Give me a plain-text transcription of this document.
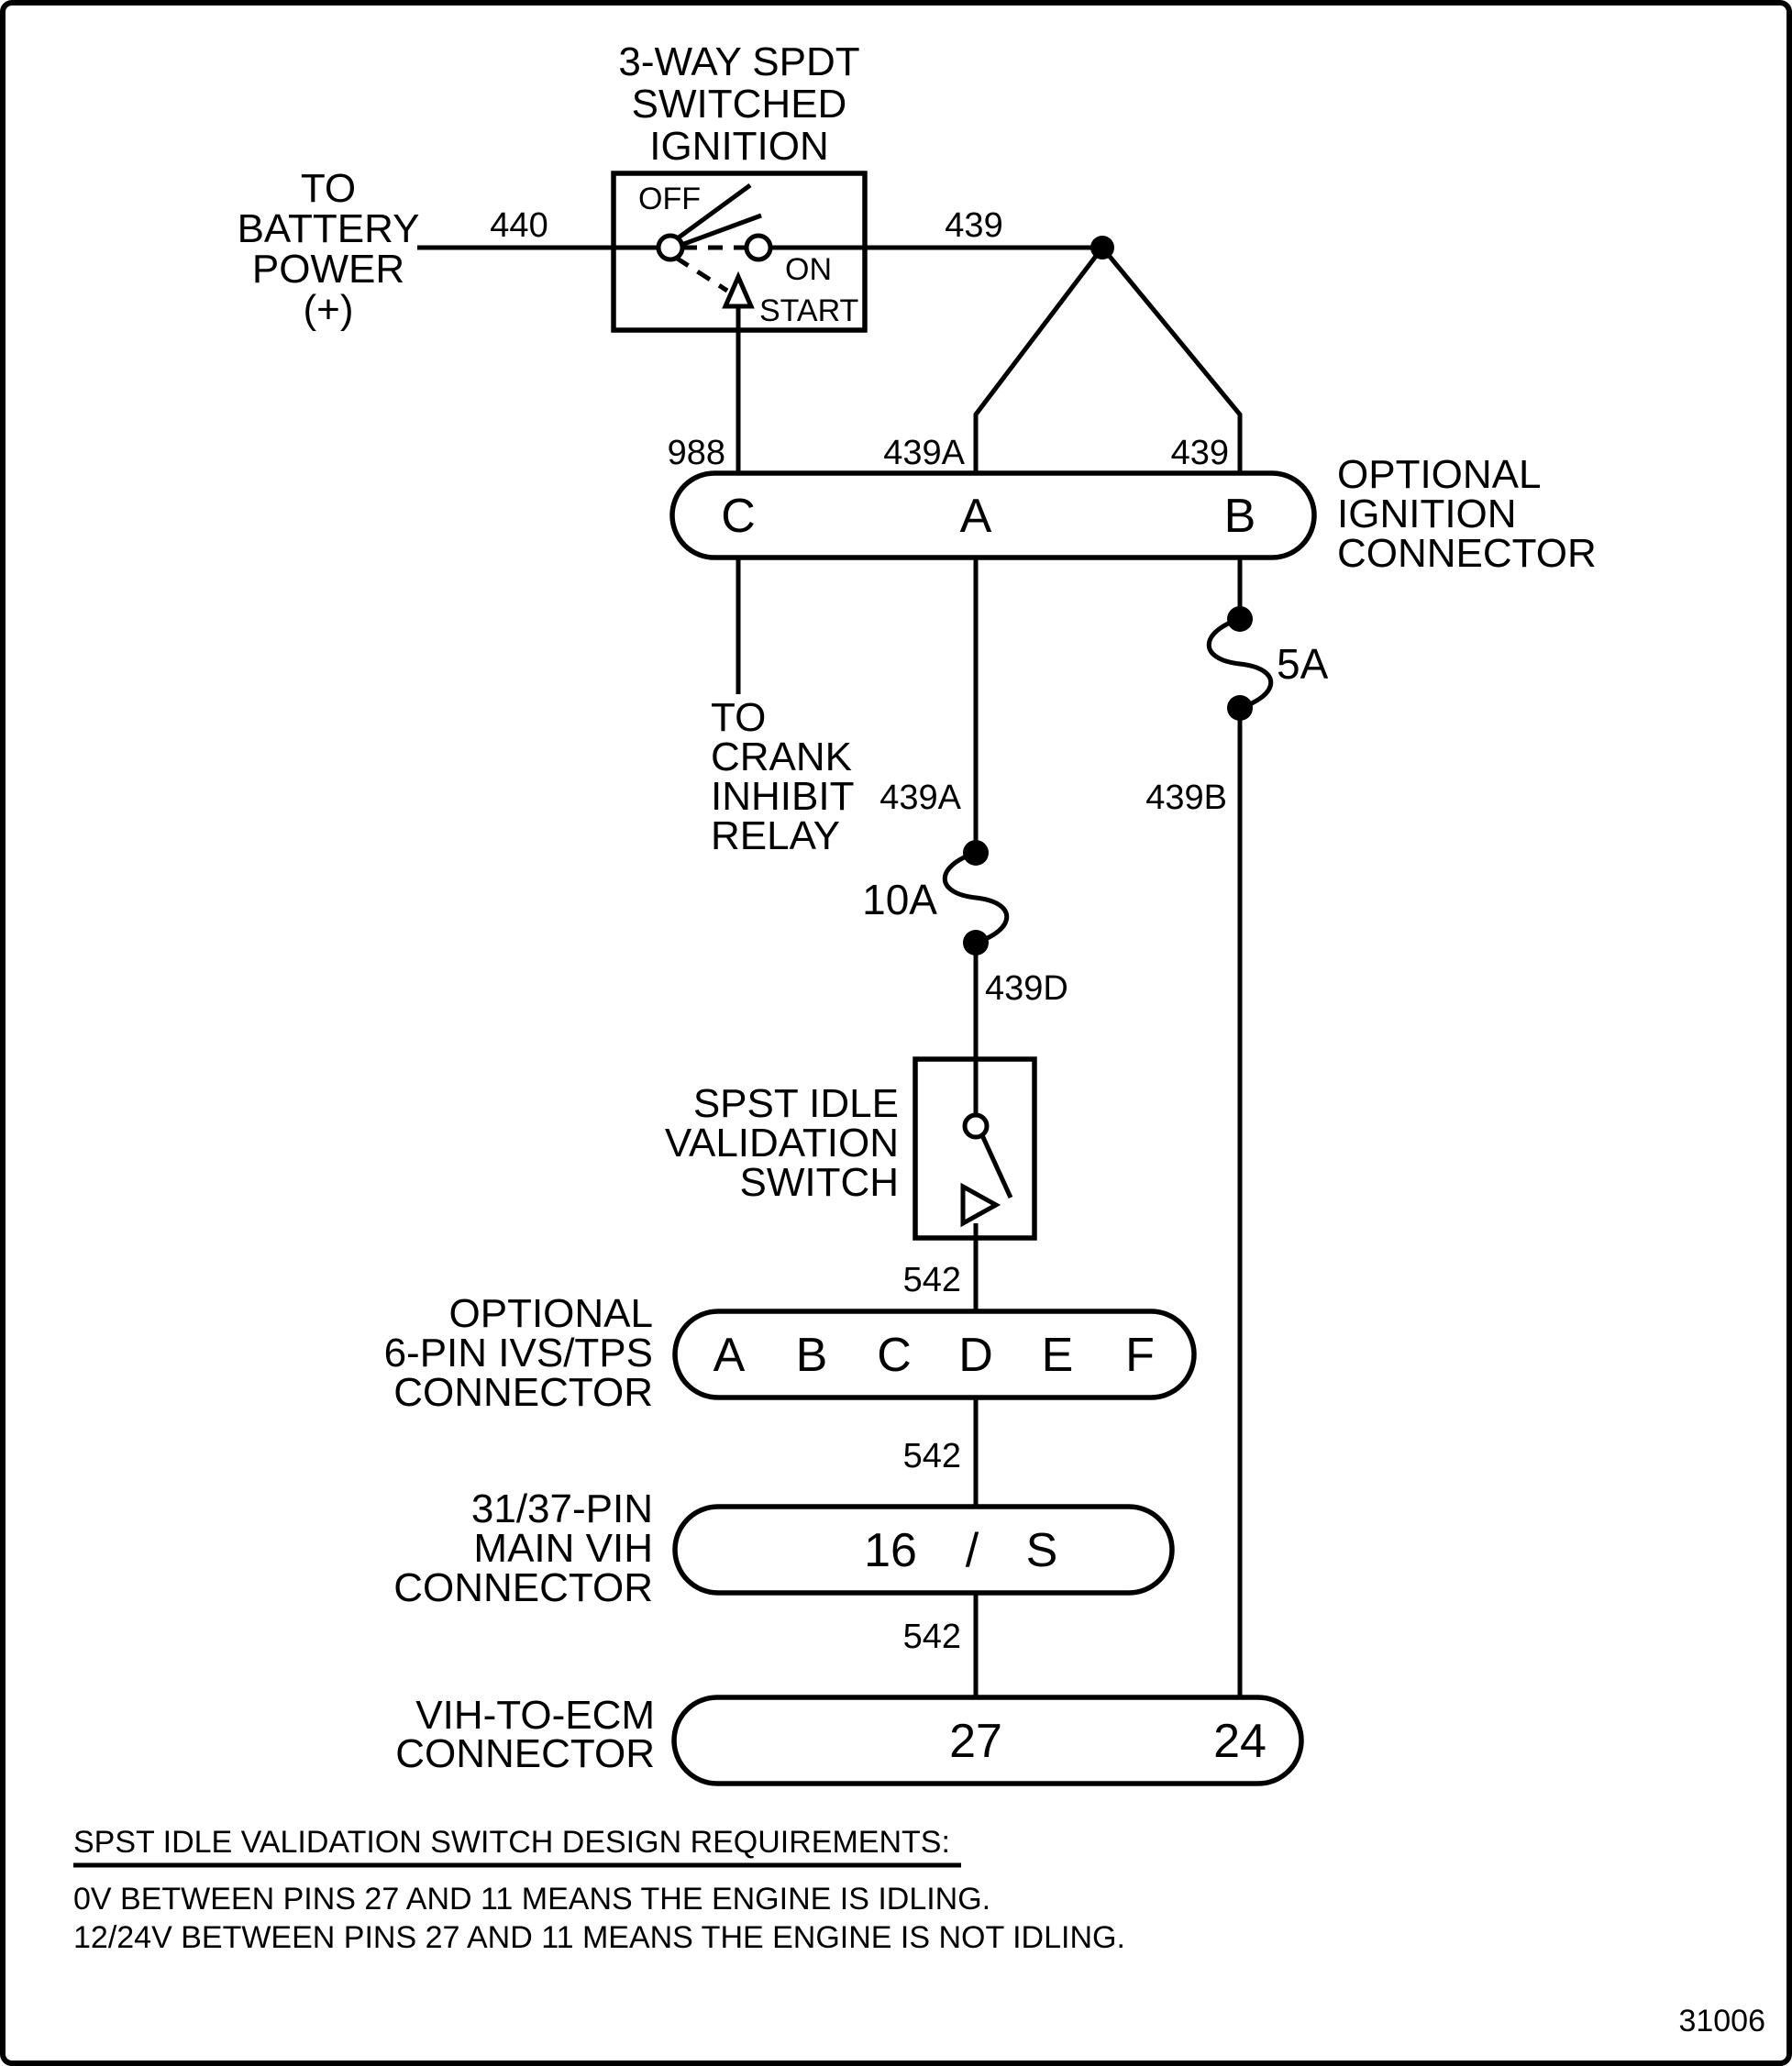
3-WAY SPDT
SWITCHED
IGNITION
TO
BATTERY
POWER
(+)
OFF
ON
START
440	439
988	439A	439
C	A	B
OPTIONAL
IGNITION
CONNECTOR
TO
CRANK
INHIBIT
RELAY
5A
439B
439A
10A
439D
SPST IDLE
VALIDATION
SWITCH
542
542
542
OPTIONAL
6-PIN IVS/TPS
CONNECTOR
A B C D E F
31/37-PIN
MAIN VIH
CONNECTOR
16 / S
VIH-TO-ECM
CONNECTOR	27	24
SPST IDLE VALIDATION SWITCH DESIGN REQUIREMENTS:
0V BETWEEN PINS 27 AND 11 MEANS THE ENGINE IS IDLING.
12/24V BETWEEN PINS 27 AND 11 MEANS THE ENGINE IS NOT IDLING.
31006
